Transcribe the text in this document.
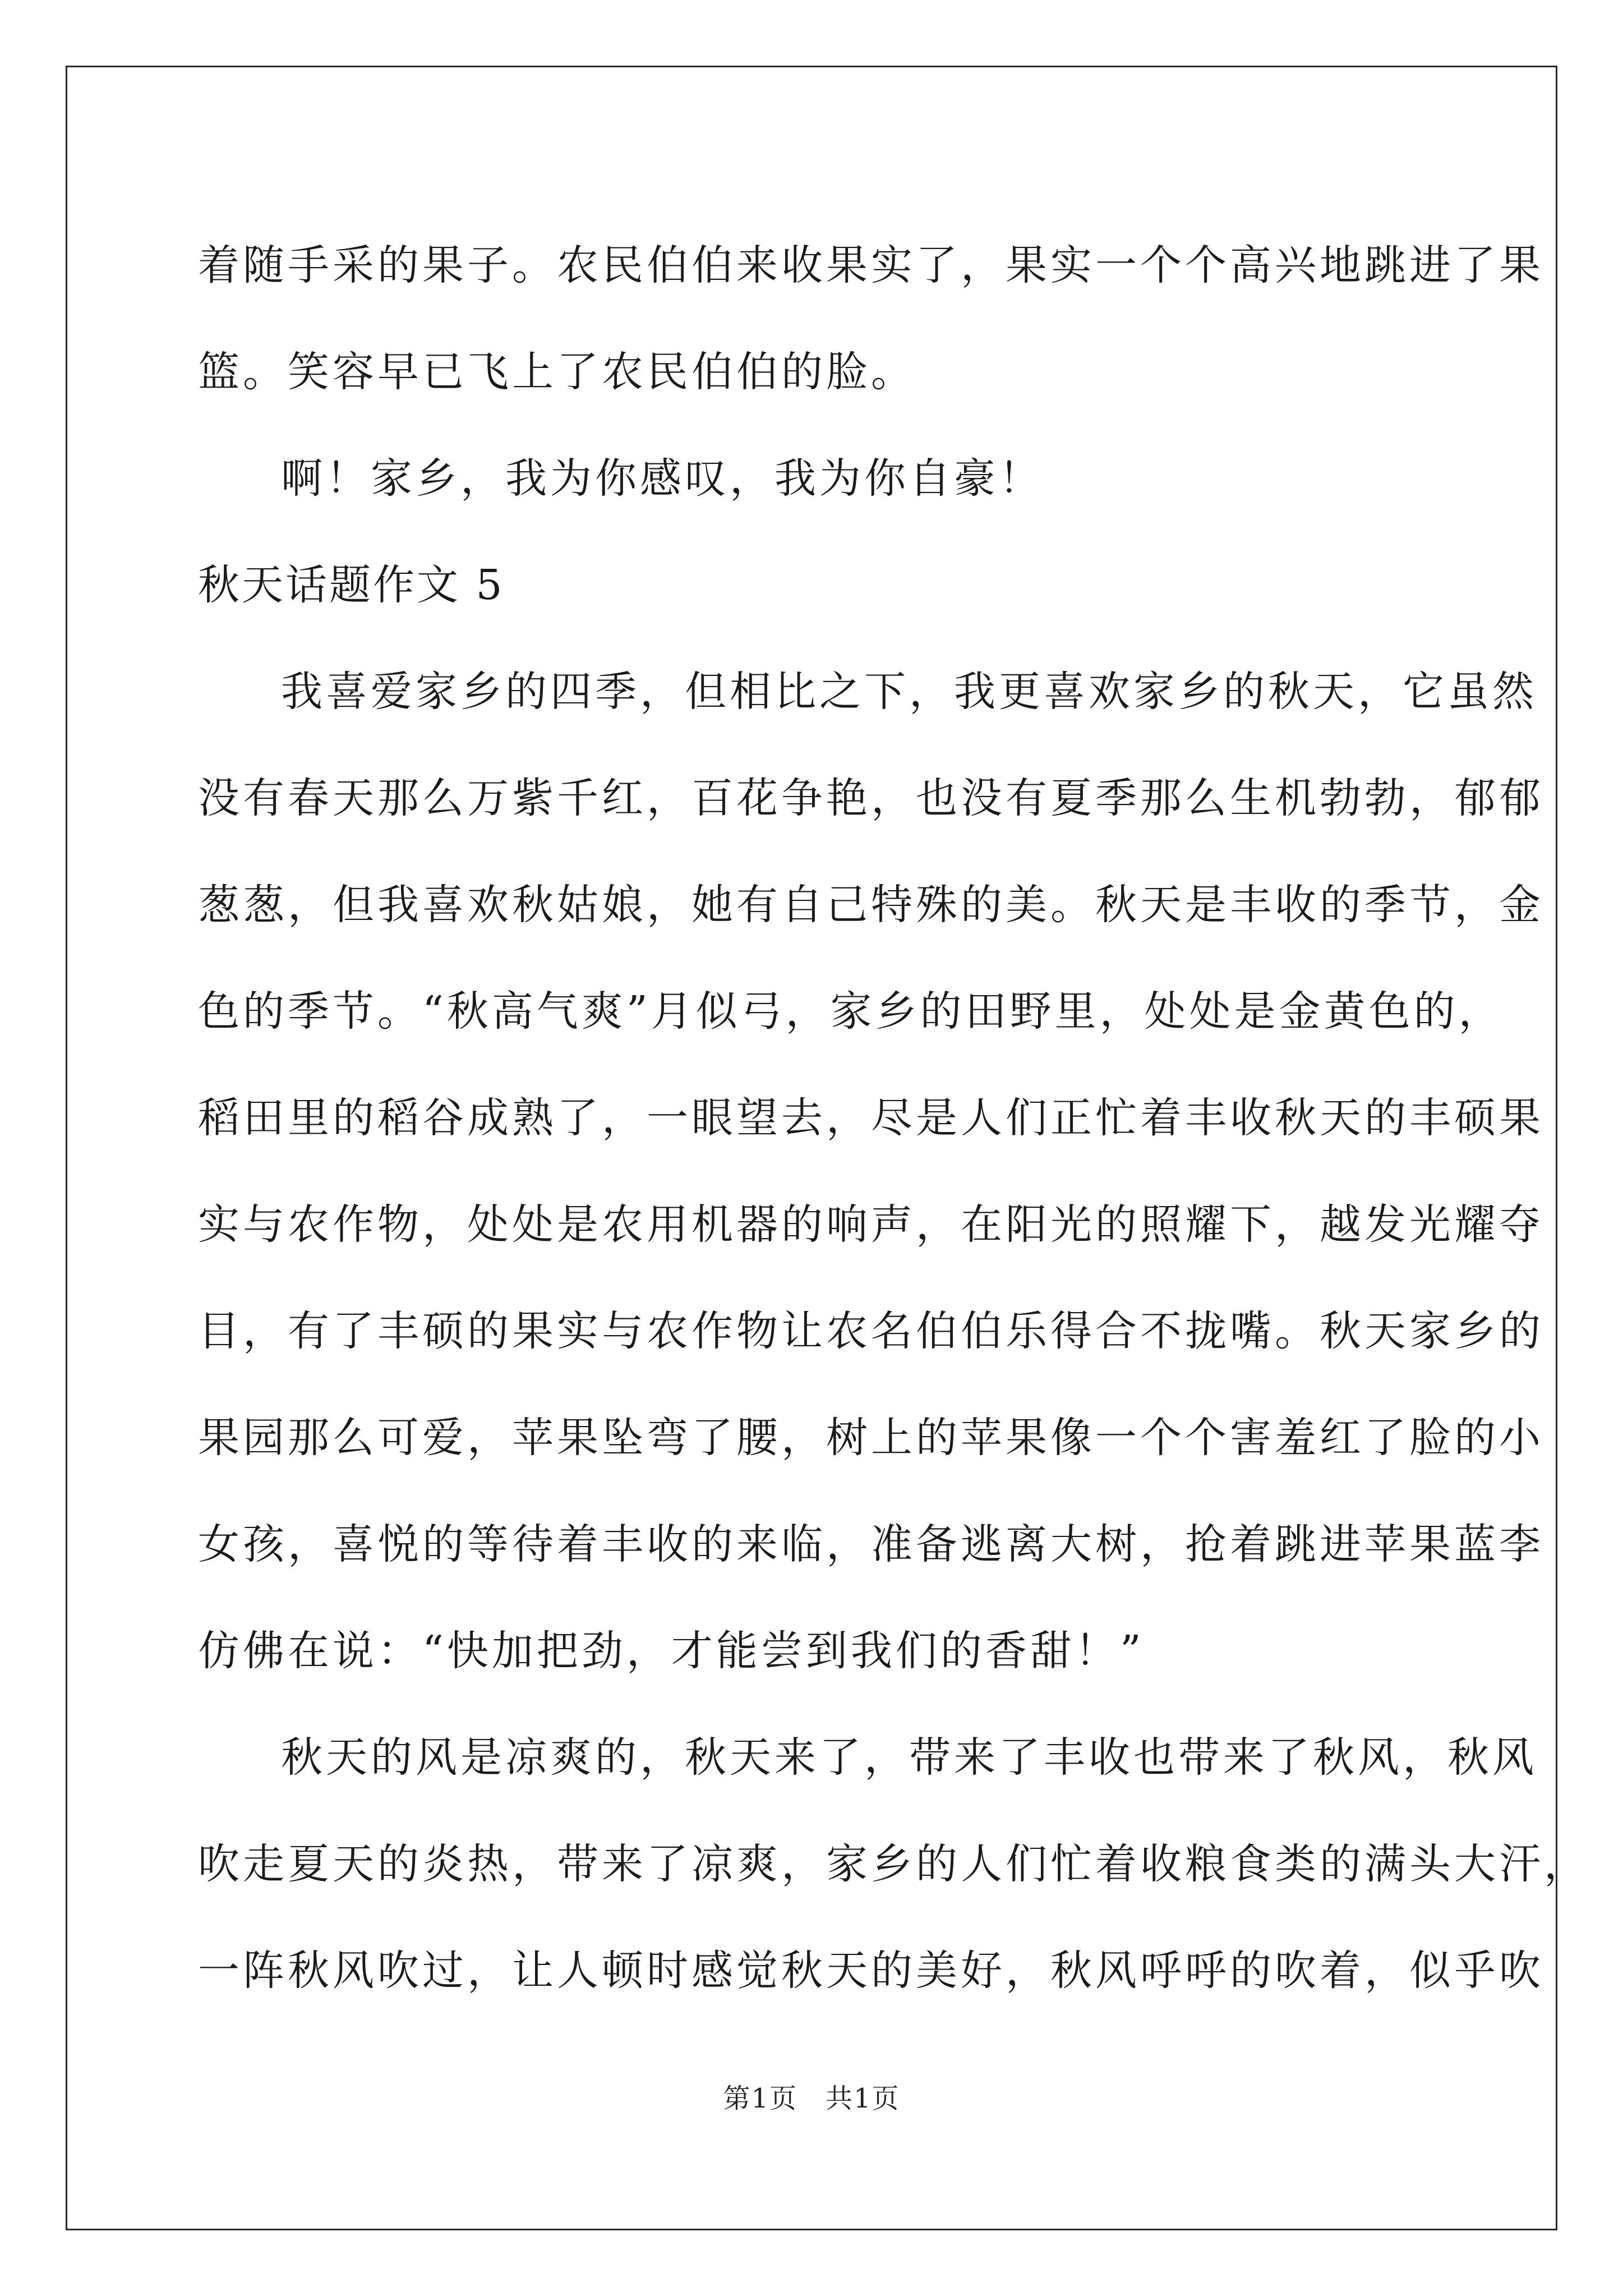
着随手采的果子。农民伯伯来收果实了，果实一个个高兴地跳进了果
篮。笑容早已飞上了农民伯伯的脸。
啊！家乡，我为你感叹，我为你自豪！
秋天话题作文 5
我喜爱家乡的四季，但相比之下，我更喜欢家乡的秋天，它虽然
没有春天那么万紫千红，百花争艳，也没有夏季那么生机勃勃，郁郁
葱葱，但我喜欢秋姑娘，她有自己特殊的美。秋天是丰收的季节，金
色的季节。“秋高气爽”月似弓，家乡的田野里，处处是金黄色的，
稻田里的稻谷成熟了，一眼望去，尽是人们正忙着丰收秋天的丰硕果
实与农作物，处处是农用机器的响声，在阳光的照耀下，越发光耀夺
目，有了丰硕的果实与农作物让农名伯伯乐得合不拢嘴。秋天家乡的
果园那么可爱，苹果坠弯了腰，树上的苹果像一个个害羞红了脸的小
女孩，喜悦的等待着丰收的来临，准备逃离大树，抢着跳进苹果蓝李
仿佛在说：“快加把劲，才能尝到我们的香甜！”
秋天的风是凉爽的，秋天来了，带来了丰收也带来了秋风，秋风
吹走夏天的炎热，带来了凉爽，家乡的人们忙着收粮食类的满头大汗，
一阵秋风吹过，让人顿时感觉秋天的美好，秋风呼呼的吹着，似乎吹
第1页　共1页
